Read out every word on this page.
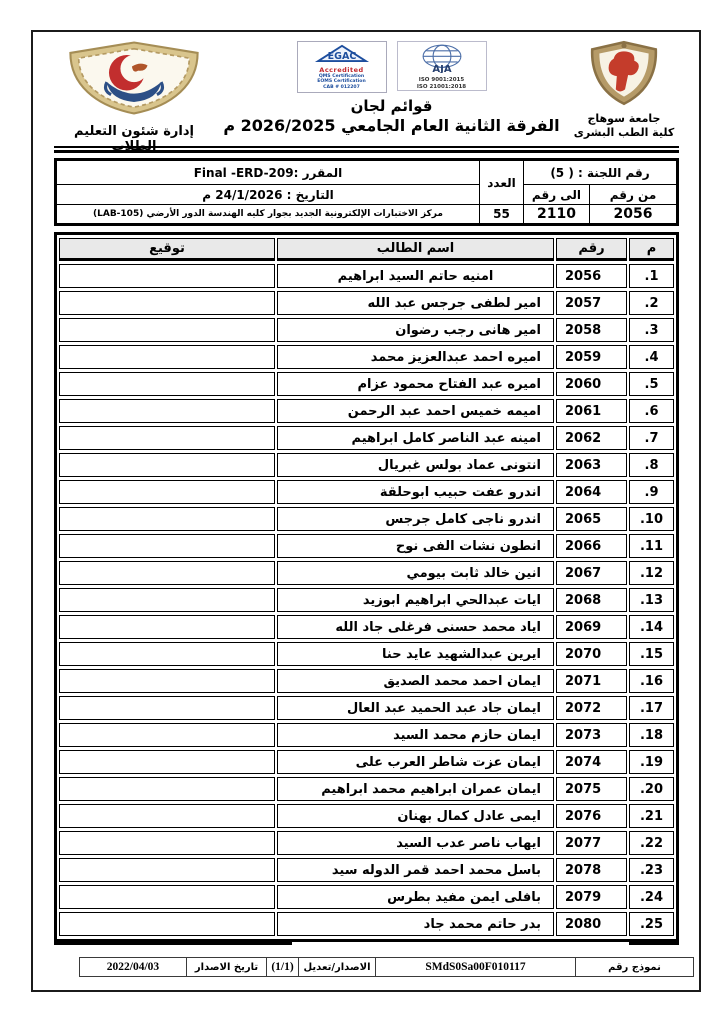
إدارة شئون التعليم الطلاب
EGAC
Accredited
QMS Certification
EOMS Certification
CAB # 012207
AJA
ISO 9001:2015
ISO 21001:2018
قوائم لجان
الفرقة الثانية العام الجامعي 2026/2025 م	جامعة سوهاج
كلية الطب البشرى
رقم اللجنة : ( 5)		العدد	المقرر :Final -ERD-209
من رقم	الى رقم		التاريخ : 24/1/2026 م
2056	2110	55	مركز الاختبارات الإلكترونية الجديد بجوار كليه الهندسة الدور الأرضي (LAB-105)
م	رقم	اسم الطالب	توقيع
1.	2056	امنيه حاتم السيد ابراهيم	
2.	2057	امير لطفى جرجس عبد الله	
3.	2058	امير هانى رجب رضوان	
4.	2059	اميره احمد عبدالعزيز محمد	
5.	2060	اميره عبد الفتاح محمود عزام	
6.	2061	اميمه خميس احمد عبد الرحمن	
7.	2062	امينه عبد الناصر كامل ابراهيم	
8.	2063	انتونى عماد بولس غبريال	
9.	2064	اندرو عفت حبيب ابوحلقة	
10.	2065	اندرو ناجى كامل جرجس	
11.	2066	انطون نشات الفى نوح	
12.	2067	انين خالد ثابت بيومي	
13.	2068	ايات عبدالحي ابراهيم ابوزيد	
14.	2069	اياد محمد حسنى فرغلى جاد الله	
15.	2070	ايرين عبدالشهيد عايد حنا	
16.	2071	ايمان احمد محمد الصديق	
17.	2072	ايمان جاد عبد الحميد عبد العال	
18.	2073	ايمان حازم محمد السيد	
19.	2074	ايمان عزت شاطر العرب على	
20.	2075	ايمان عمران ابراهيم محمد ابراهيم	
21.	2076	ايمى عادل كمال بهنان	
22.	2077	ايهاب ناصر عدب السيد	
23.	2078	باسل محمد احمد قمر الدوله سيد	
24.	2079	بافلى ايمن مفيد بطرس	
25.	2080	بدر حاتم محمد جاد	
نموذج رقم	SMdS0Sa00F010117	الاصدار/تعديل	(1/1)	تاريخ الاصدار	2022/04/03
